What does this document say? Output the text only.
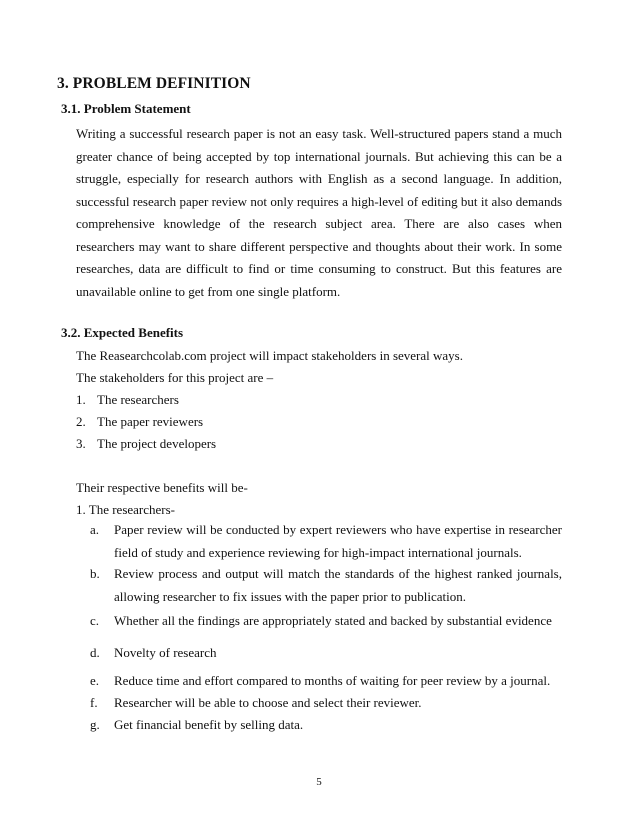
3. PROBLEM DEFINITION
3.1. Problem Statement
Writing a successful research paper is not an easy task. Well-structured papers stand a much greater chance of being accepted by top international journals. But achieving this can be a struggle, especially for research authors with English as a second language. In addition, successful research paper review not only requires a high-level of editing but it also demands comprehensive knowledge of the research subject area. There are also cases when researchers may want to share different perspective and thoughts about their work. In some researches, data are difficult to find or time consuming to construct. But this features are unavailable online to get from one single platform.
3.2. Expected Benefits
The Reasearchcolab.com project will impact stakeholders in several ways.
The stakeholders for this project are –
1. The researchers
2. The paper reviewers
3. The project developers
Their respective benefits will be-
1. The researchers-
a. Paper review will be conducted by expert reviewers who have expertise in researcher field of study and experience reviewing for high-impact international journals.
b. Review process and output will match the standards of the highest ranked journals, allowing researcher to fix issues with the paper prior to publication.
c. Whether all the findings are appropriately stated and backed by substantial evidence
d. Novelty of research
e. Reduce time and effort compared to months of waiting for peer review by a journal.
f. Researcher will be able to choose and select their reviewer.
g. Get financial benefit by selling data.
5
